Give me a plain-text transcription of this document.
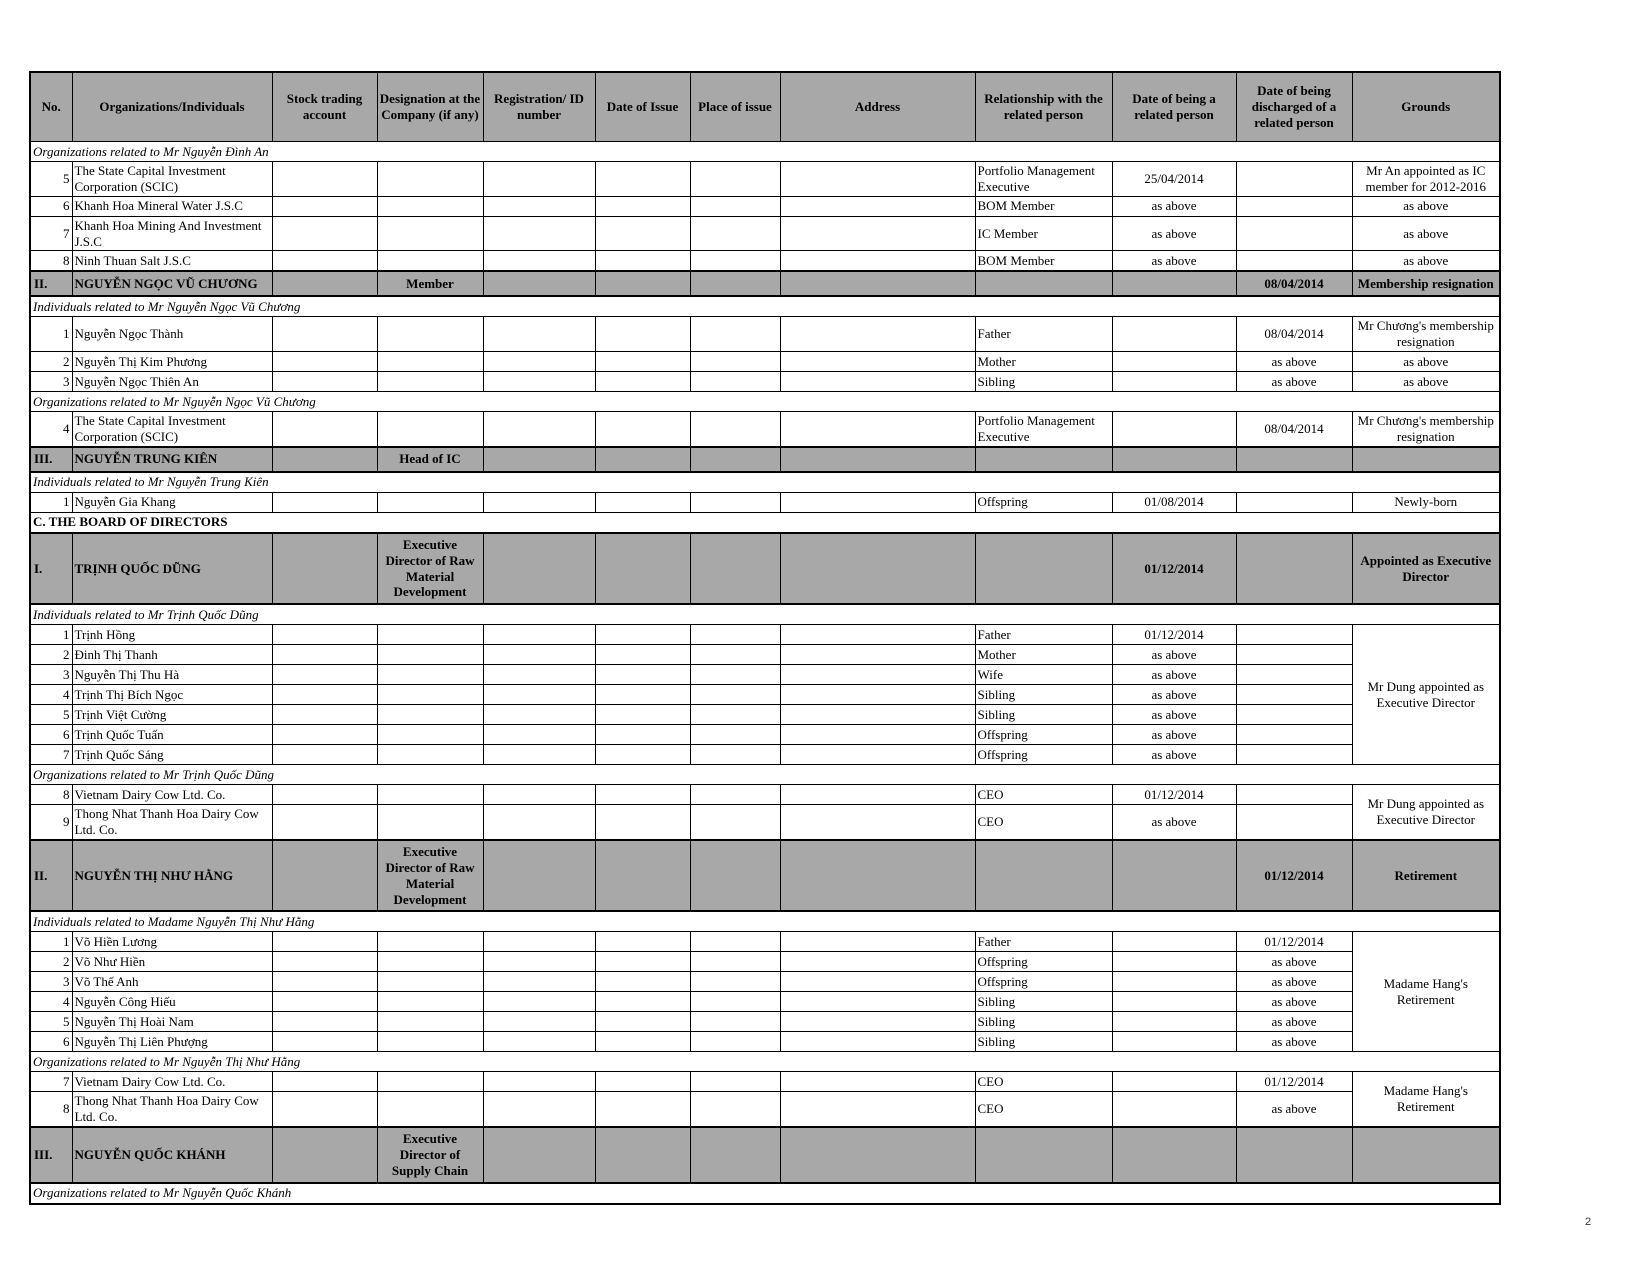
No.	Organizations/Individuals	Stock trading account	Designation at the Company (if any)	Registration/ ID number	Date of Issue	Place of issue	Address	Relationship with the related person	Date of being a related person	Date of being discharged of a related person	Grounds
Organizations related to Mr Nguyễn Đình An											
5	The State Capital Investment Corporation (SCIC)							Portfolio Management Executive	25/04/2014		Mr An appointed as IC member for 2012-2016
6	Khanh Hoa Mineral Water J.S.C							BOM Member	as above		as above
7	Khanh Hoa Mining And Investment J.S.C							IC Member	as above		as above
8	Ninh Thuan Salt J.S.C							BOM Member	as above		as above
II.	NGUYỄN NGỌC VŨ CHƯƠNG		Member							08/04/2014	Membership resignation
Individuals related to Mr Nguyễn Ngọc Vũ Chương											
1	Nguyễn Ngọc Thành							Father		08/04/2014	Mr Chương's membership resignation
2	Nguyễn Thị Kim Phương							Mother		as above	as above
3	Nguyễn Ngọc Thiên An							Sibling		as above	as above
Organizations related to Mr Nguyễn Ngọc Vũ Chương											
4	The State Capital Investment Corporation (SCIC)							Portfolio Management Executive		08/04/2014	Mr Chương's membership resignation
III.	NGUYỄN TRUNG KIÊN		Head of IC								
Individuals related to Mr Nguyễn Trung Kiên											
1	Nguyễn Gia Khang							Offspring	01/08/2014		Newly-born
C. THE BOARD OF DIRECTORS											
I.	TRỊNH QUỐC DŨNG		Executive Director of Raw Material Development						01/12/2014		Appointed as Executive Director
Individuals related to Mr Trịnh Quốc Dũng											
1	Trịnh Hồng							Father	01/12/2014		Mr Dung appointed as Executive Director
2	Đinh Thị Thanh							Mother	as above		
3	Nguyễn Thị Thu Hà							Wife	as above		
4	Trịnh Thị Bích Ngọc							Sibling	as above		
5	Trịnh Việt Cường							Sibling	as above		
6	Trịnh Quốc Tuấn							Offspring	as above		
7	Trịnh Quốc Sáng							Offspring	as above		
Organizations related to Mr Trịnh Quốc Dũng											
8	Vietnam Dairy Cow Ltd. Co.							CEO	01/12/2014		Mr Dung appointed as Executive Director
9	Thong Nhat Thanh Hoa Dairy Cow Ltd. Co.							CEO	as above		
II.	NGUYỄN THỊ NHƯ HẰNG		Executive Director of Raw Material Development							01/12/2014	Retirement
Individuals related to Madame Nguyễn Thị Như Hằng											
1	Võ Hiền Lương							Father		01/12/2014	Madame Hang's Retirement
2	Võ Như Hiền							Offspring		as above	
3	Võ Thế Anh							Offspring		as above	
4	Nguyễn Công Hiếu							Sibling		as above	
5	Nguyễn Thị Hoài Nam							Sibling		as above	
6	Nguyễn Thị Liên Phượng							Sibling		as above	
Organizations related to Mr Nguyễn Thị Như Hằng											
7	Vietnam Dairy Cow Ltd. Co.							CEO		01/12/2014	Madame Hang's Retirement
8	Thong Nhat Thanh Hoa Dairy Cow Ltd. Co.							CEO		as above	
III.	NGUYỄN QUỐC KHÁNH		Executive Director of Supply Chain								
Organizations related to Mr Nguyễn Quốc Khánh											
2
